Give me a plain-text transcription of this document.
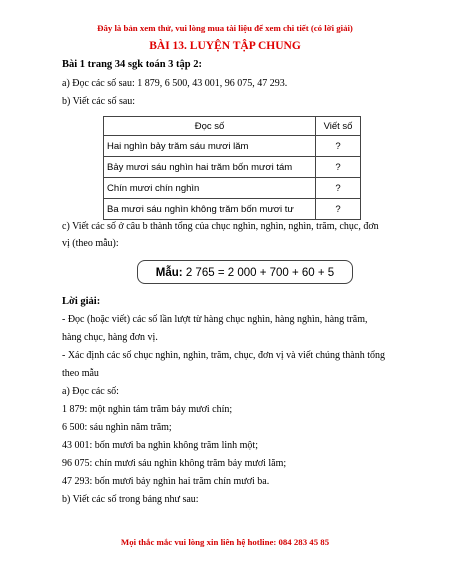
Đây là bản xem thử, vui lòng mua tài liệu để xem chi tiết (có lời giải)
BÀI 13. LUYỆN TẬP CHUNG
Bài 1 trang 34 sgk toán 3 tập 2:
a) Đọc các số sau: 1 879, 6 500, 43 001, 96 075, 47 293.
b) Viết các số sau:
Đọc số	Viết số
Hai nghìn bảy trăm sáu mươi lăm	?
Bảy mươi sáu nghìn hai trăm bốn mươi tám	?
Chín mươi chín nghìn	?
Ba mươi sáu nghìn không trăm bốn mươi tư	?
c) Viết các số ở câu b thành tổng của chục nghìn, nghìn, nghìn, trăm, chục, đơn
vị (theo mẫu):
Mẫu: 2 765 = 2 000 + 700 + 60 + 5
Lời giải:
- Đọc (hoặc viết) các số lần lượt từ hàng chục nghìn, hàng nghìn, hàng trăm,
hàng chục, hàng đơn vị.
- Xác định các số chục nghìn, nghìn, trăm, chục, đơn vị và viết chúng thành tổng
theo mẫu
a) Đọc các số:
1 879: một nghìn tám trăm bảy mươi chín;
6 500: sáu nghìn năm trăm;
43 001: bốn mươi ba nghìn không trăm linh một;
96 075: chín mươi sáu nghìn không trăm bảy mươi lăm;
47 293: bốn mươi bảy nghìn hai trăm chín mươi ba.
b) Viết các số trong bảng như sau:
Mọi thắc mắc vui lòng xin liên hệ hotline: 084 283 45 85
